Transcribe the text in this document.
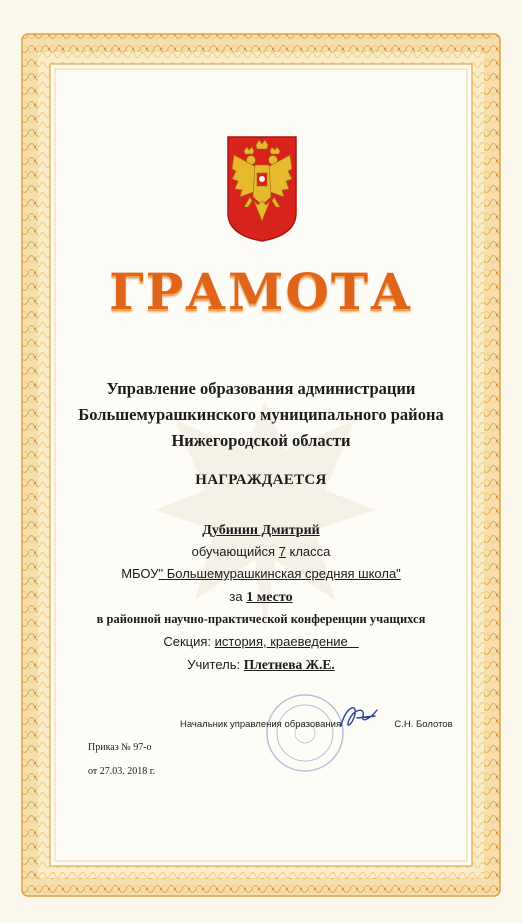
ГРАМОТА
Управление образования администрации
Большемурашкинского муниципального района
Нижегородской области
НАГРАЖДАЕТСЯ
Дубинин Дмитрий
обучающийся 7 класса
МБОУ" Большемурашкинская средняя школа"
за 1 место
в районной научно-практической конференции учащихся
Секция: история, краеведение
Учитель: Плетнева Ж.Е.
Начальник управления образования	С.Н. Болотов
Приказ № 97-о
от 27.03. 2018 г.
